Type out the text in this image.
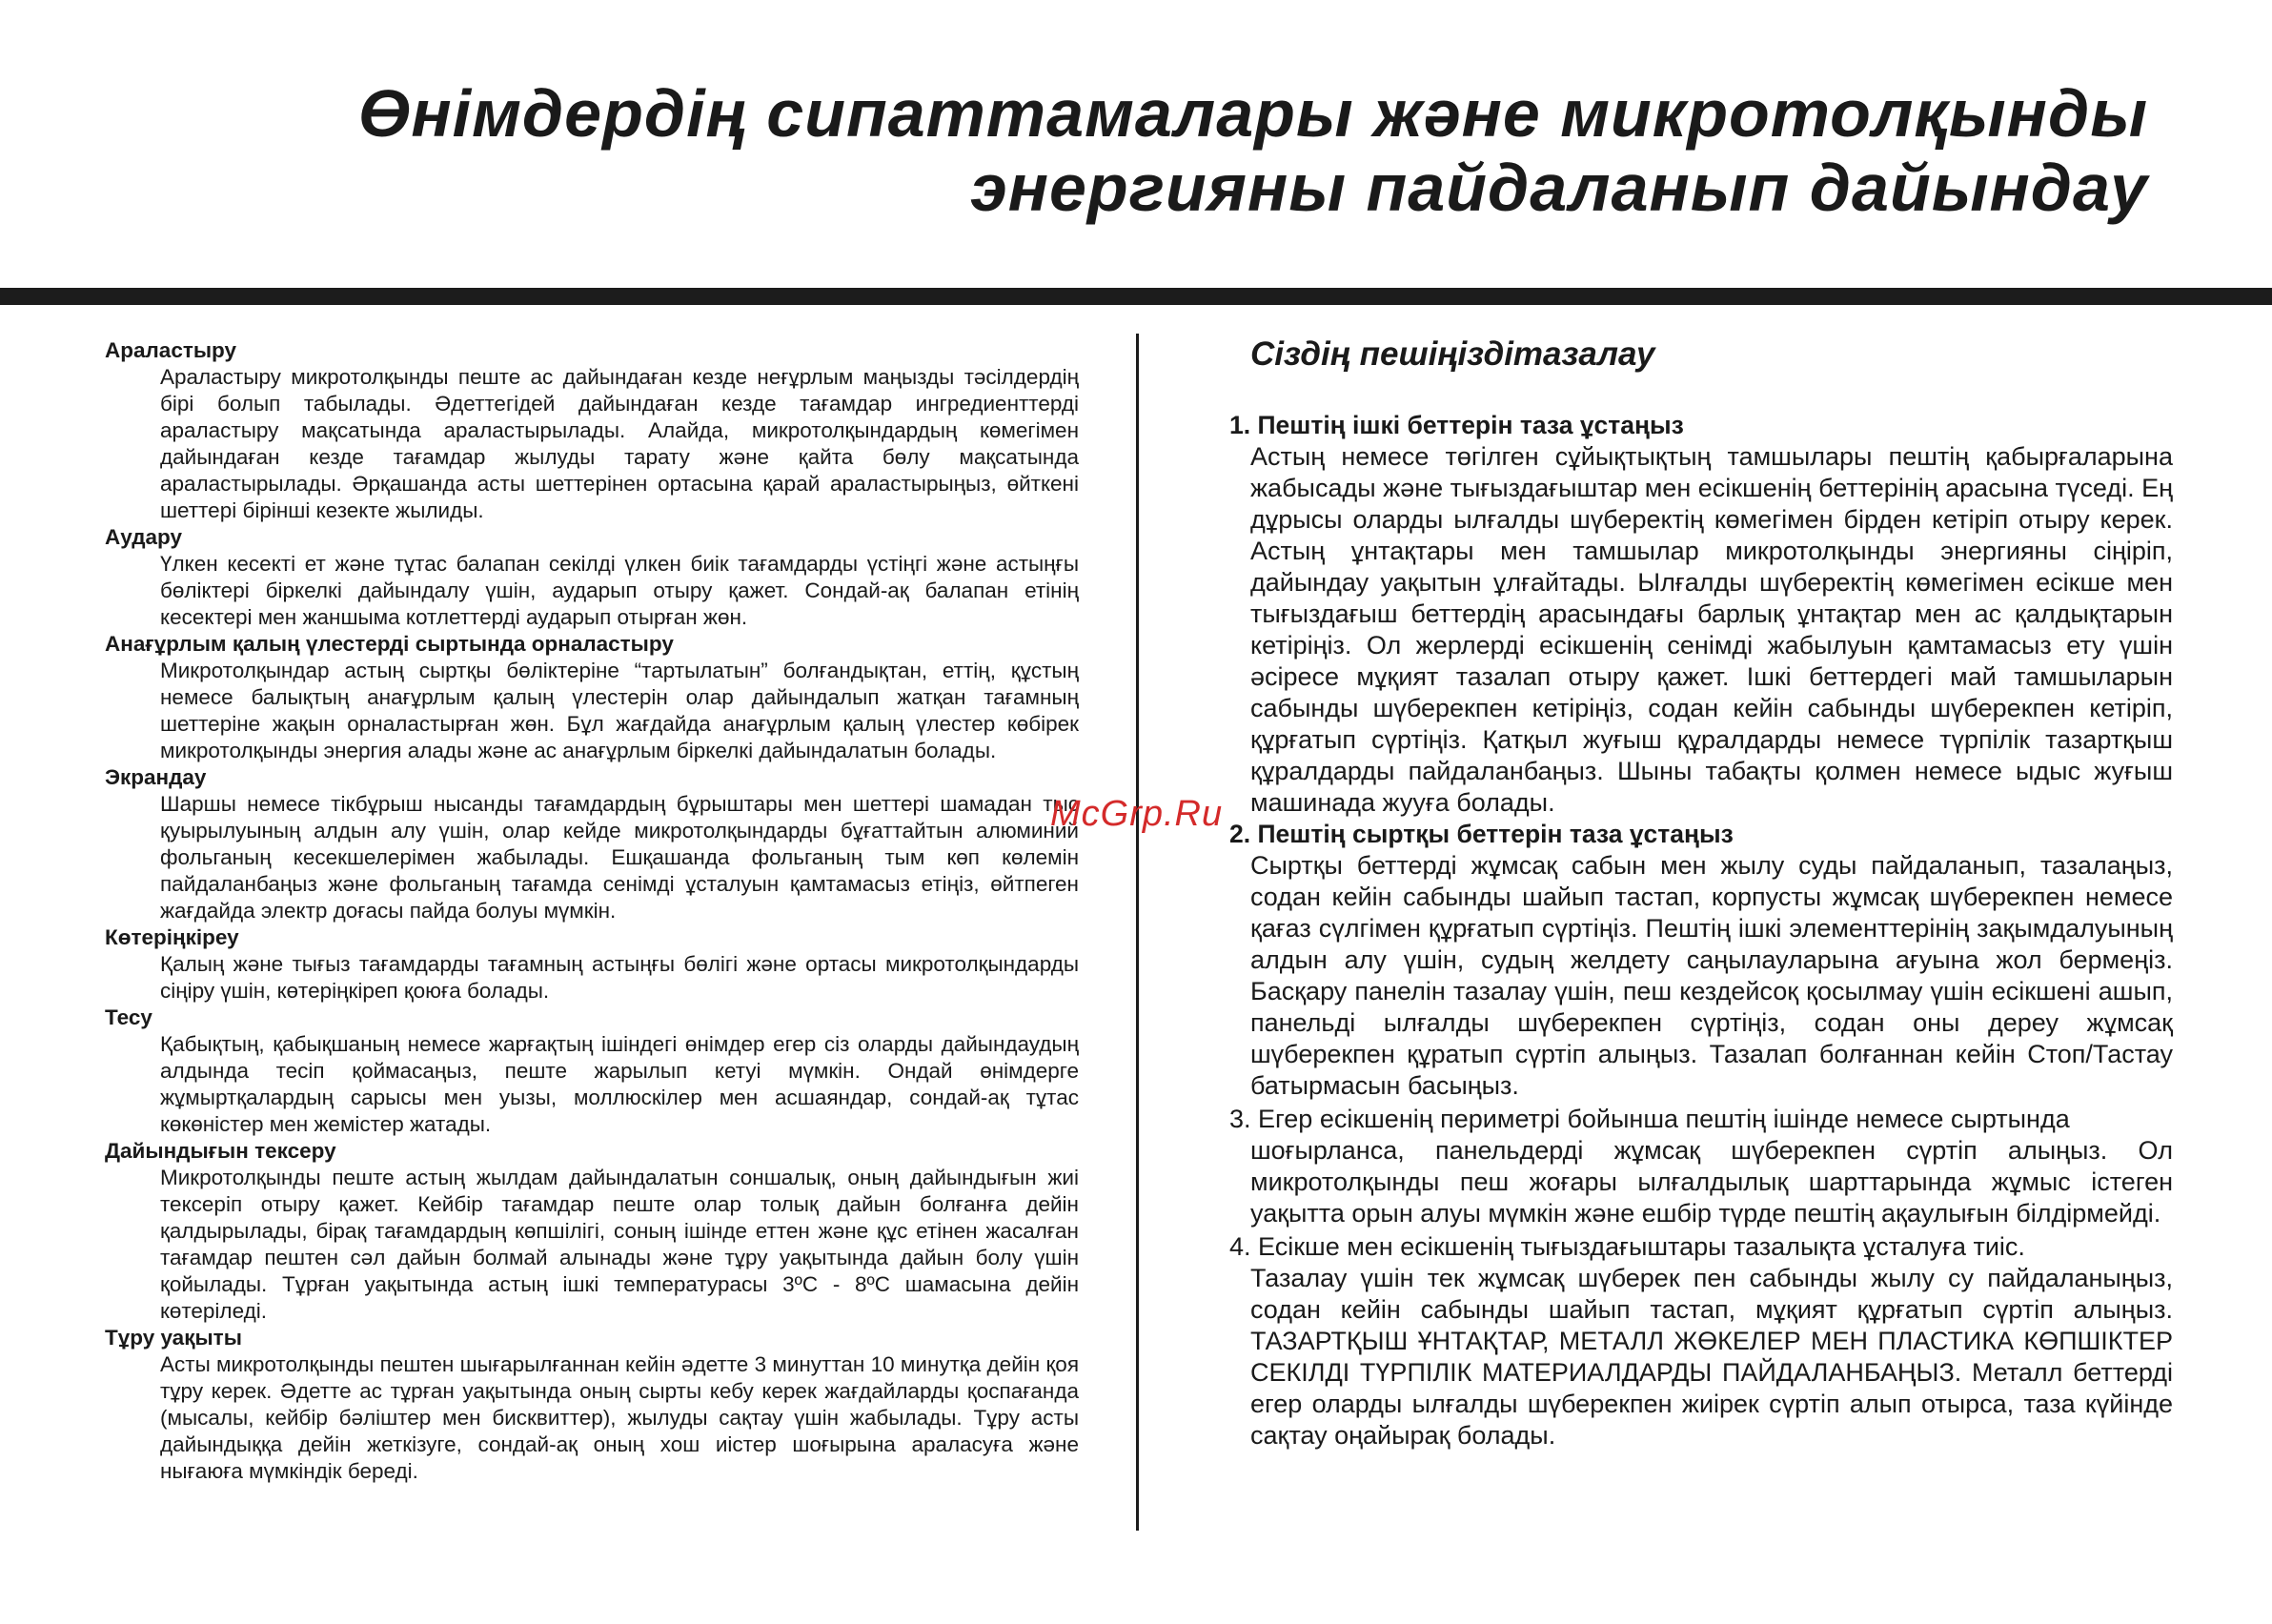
Өнімдердің сипаттамалары және микротолқынды
энергияны пайдаланып дайындау
Араластыру

Араластыру микротолқынды пеште ас дайындаған кезде неғұрлым маңызды тәсілдердің бірі болып табылады. Әдеттегідей дайындаған кезде тағамдар ингредиенттерді араластыру мақсатында араластырылады. Алайда, микротолқындардың көмегімен дайындаған кезде тағамдар жылуды тарату және қайта бөлу мақсатында араластырылады. Әрқашанда асты шеттерінен ортасына қарай араластырыңыз, өйткені шеттері бірінші кезекте жылиды.

Аудару

Үлкен кесекті ет және тұтас балапан секілді үлкен биік тағамдарды үстіңгі және астыңғы бөліктері біркелкі дайындалу үшін, аударып отыру қажет. Сондай-ақ балапан етінің кесектері мен жаншыма котлеттерді аударып отырған жөн.

Анағұрлым қалың үлестерді сыртында орналастыру

Микротолқындар астың сыртқы бөліктеріне “тартылатын” болғандықтан, еттің, құстың немесе балықтың анағұрлым қалың үлестерін олар дайындалып жатқан тағамның шеттеріне жақын орналастырған жөн. Бұл жағдайда анағұрлым қалың үлестер көбірек микротолқынды энергия алады және ас анағұрлым біркелкі дайындалатын болады.

Экрандау

Шаршы немесе тікбұрыш нысанды тағамдардың бұрыштары мен шеттері шамадан тыс қуырылуының алдын алу үшін, олар кейде микротолқындарды бұғаттайтын алюминий фольганың кесекшелерімен жабылады. Ешқашанда фольганың тым көп көлемін пайдаланбаңыз және фольганың тағамда сенімді ұсталуын қамтамасыз етіңіз, өйтпеген жағдайда электр доғасы пайда болуы мүмкін.

Көтеріңкіреу

Қалың және тығыз тағамдарды тағамның астыңғы бөлігі және ортасы микротолқындарды сіңіру үшін, көтеріңкіреп қоюға болады.

Тесу

Қабықтың, қабықшаның немесе жарғақтың ішіндегі өнімдер егер сіз оларды дайындаудың алдында тесіп қоймасаңыз, пеште жарылып кетуі мүмкін. Ондай өнімдерге жұмыртқалардың сарысы мен уызы, моллюскілер мен асшаяндар, сондай-ақ тұтас көкөністер мен жемістер жатады.

Дайындығын тексеру

Микротолқынды пеште астың жылдам дайындалатын соншалық, оның дайындығын жиі тексеріп отыру қажет. Кейбір тағамдар пеште олар толық дайын болғанға дейін қалдырылады, бірақ тағамдардың көпшілігі, соның ішінде еттен және құс етінен жасалған тағамдар пештен сәл дайын болмай алынады және тұру уақытында дайын болу үшін қойылады. Тұрған уақытында астың ішкі температурасы 3ºC - 8ºC шамасына дейін көтеріледі.

Тұру уақыты

Асты микротолқынды пештен шығарылғаннан кейін әдетте 3 минуттан 10 минутқа дейін қоя тұру керек. Әдетте ас тұрған уақытында оның сырты кебу керек жағдайларды қоспағанда (мысалы, кейбір бәліштер мен бисквиттер), жылуды сақтау үшін жабылады. Тұру асты дайындыққа дейін жеткізуге, сондай-ақ оның хош иістер шоғырына араласуға және нығаюға мүмкіндік береді.

Сіздің пешіңіздітазалау
1. Пештің ішкі беттерін таза ұстаңыз

Астың немесе төгілген сұйықтықтың тамшылары пештің қабырғаларына жабысады және тығыздағыштар мен есікшенің беттерінің арасына түседі. Ең дұрысы оларды ылғалды шүберектің көмегімен бірден кетіріп отыру керек. Астың ұнтақтары мен тамшылар микротолқынды энергияны сіңіріп, дайындау уақытын ұлғайтады. Ылғалды шүберектің көмегімен есікше мен тығыздағыш беттердің арасындағы барлық ұнтақтар мен ас қалдықтарын кетіріңіз. Ол жерлерді есікшенің сенімді жабылуын қамтамасыз ету үшін әсіресе мұқият тазалап отыру қажет. Ішкі беттердегі май тамшыларын сабынды шүберекпен кетіріңіз, содан кейін сабынды шүберекпен кетіріп, құрғатып сүртіңіз. Қатқыл жуғыш құралдарды немесе түрпілік тазартқыш құралдарды пайдаланбаңыз. Шыны табақты қолмен немесе ыдыс жуғыш машинада жууға болады.

2. Пештің сыртқы беттерін таза ұстаңыз

Сыртқы беттерді жұмсақ сабын мен жылу суды пайдаланып, тазалаңыз, содан кейін сабынды шайып тастап, корпусты жұмсақ шүберекпен немесе қағаз сүлгімен құрғатып сүртіңіз. Пештің ішкі элементтерінің зақымдалуының алдын алу үшін, судың желдету саңылауларына ағуына жол бермеңіз. Басқару панелін тазалау үшін, пеш кездейсоқ қосылмау үшін есікшені ашып, панельді ылғалды шүберекпен сүртіңіз, содан оны дереу жұмсақ шүберекпен құратып сүртіп алыңыз. Тазалап болғаннан кейін Стоп/Тастау батырмасын басыңыз.

3. Егер есікшенің периметрі бойынша пештің ішінде немесе сыртында

шоғырланса, панельдерді жұмсақ шүберекпен сүртіп алыңыз. Ол микротолқынды пеш жоғары ылғалдылық шарттарында жұмыс істеген уақытта орын алуы мүмкін және ешбір түрде пештің ақаулығын білдірмейді.

4. Есікше мен есікшенің тығыздағыштары тазалықта ұсталуға тиіс.

Тазалау үшін тек жұмсақ шүберек пен сабынды жылу су пайдаланыңыз, содан кейін сабынды шайып тастап, мұқият құрғатып сүртіп алыңыз. ТАЗАРТҚЫШ ҰНТАҚТАР, МЕТАЛЛ ЖӨКЕЛЕР МЕН ПЛАСТИКА КӨПШІКТЕР СЕКІЛДІ ТҮРПІЛІК МАТЕРИАЛДАРДЫ ПАЙДАЛАНБАҢЫЗ. Металл беттерді егер оларды ылғалды шүберекпен жиірек сүртіп алып отырса, таза күйінде сақтау оңайырақ болады.

McGrp.Ru
